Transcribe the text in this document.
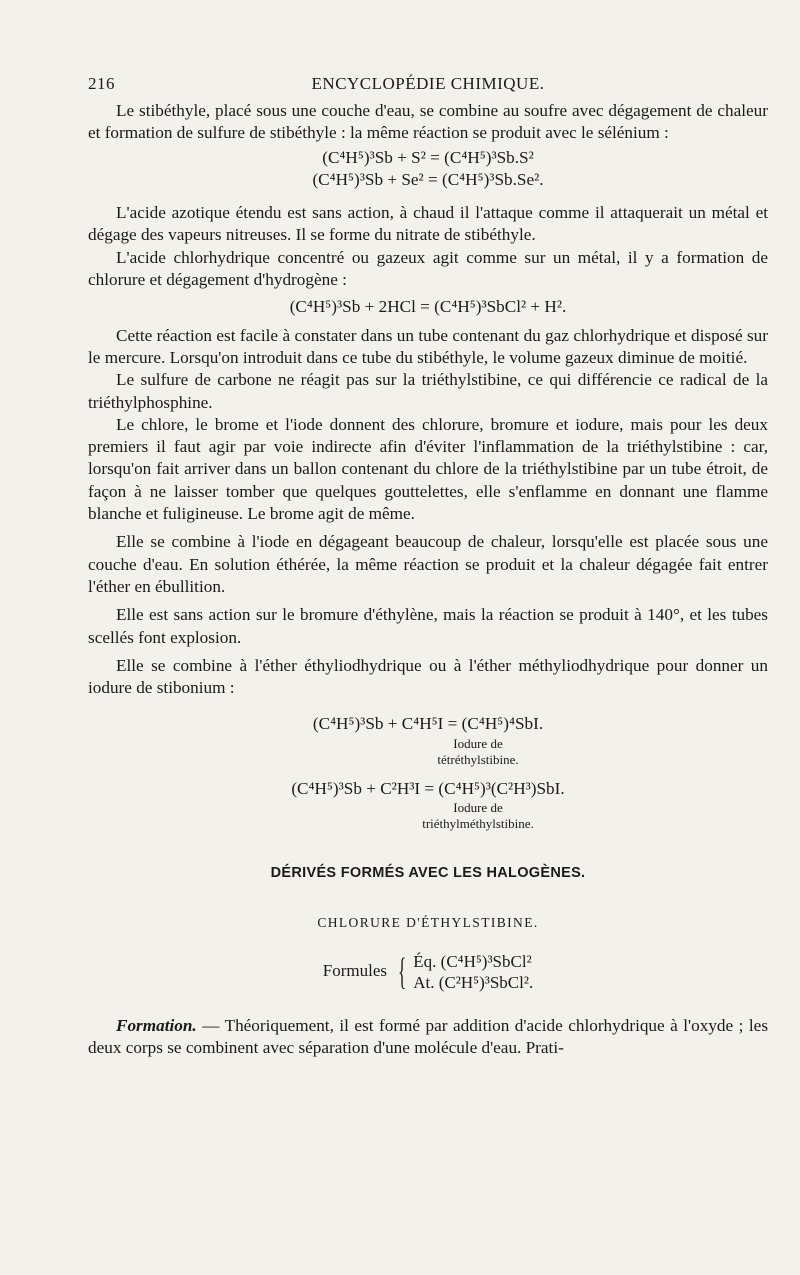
216	ENCYCLOPÉDIE CHIMIQUE.

Le stibéthyle, placé sous une couche d'eau, se combine au soufre avec dégagement de chaleur et formation de sulfure de stibéthyle : la même réaction se produit avec le sélénium :

(C⁴H⁵)³Sb + S² = (C⁴H⁵)³Sb.S²

(C⁴H⁵)³Sb + Se² = (C⁴H⁵)³Sb.Se².

L'acide azotique étendu est sans action, à chaud il l'attaque comme il attaquerait un métal et dégage des vapeurs nitreuses. Il se forme du nitrate de stibéthyle.

L'acide chlorhydrique concentré ou gazeux agit comme sur un métal, il y a formation de chlorure et dégagement d'hydrogène :

(C⁴H⁵)³Sb + 2HCl = (C⁴H⁵)³SbCl² + H².

Cette réaction est facile à constater dans un tube contenant du gaz chlorhydrique et disposé sur le mercure. Lorsqu'on introduit dans ce tube du stibéthyle, le volume gazeux diminue de moitié.

Le sulfure de carbone ne réagit pas sur la triéthylstibine, ce qui différencie ce radical de la triéthylphosphine.

Le chlore, le brome et l'iode donnent des chlorure, bromure et iodure, mais pour les deux premiers il faut agir par voie indirecte afin d'éviter l'inflammation de la triéthylstibine : car, lorsqu'on fait arriver dans un ballon contenant du chlore de la triéthylstibine par un tube étroit, de façon à ne laisser tomber que quelques gouttelettes, elle s'enflamme en donnant une flamme blanche et fuligineuse. Le brome agit de même.

Elle se combine à l'iode en dégageant beaucoup de chaleur, lorsqu'elle est placée sous une couche d'eau. En solution éthérée, la même réaction se produit et la chaleur dégagée fait entrer l'éther en ébullition.

Elle est sans action sur le bromure d'éthylène, mais la réaction se produit à 140°, et les tubes scellés font explosion.

Elle se combine à l'éther éthyliodhydrique ou à l'éther méthyliodhydrique pour donner un iodure de stibonium :

(C⁴H⁵)³Sb + C⁴H⁵I = (C⁴H⁵)⁴SbI.

Iodure de

tétréthylstibine.

(C⁴H⁵)³Sb + C²H³I = (C⁴H⁵)³(C²H³)SbI.

Iodure de

triéthylméthylstibine.

DÉRIVÉS FORMÉS AVEC LES HALOGÈNES.

CHLORURE D'ÉTHYLSTIBINE.

Formules { Éq. (C⁴H⁵)³SbCl²
At. (C²H⁵)³SbCl².

Formation. — Théoriquement, il est formé par addition d'acide chlorhydrique à l'oxyde ; les deux corps se combinent avec séparation d'une molécule d'eau. Prati-
